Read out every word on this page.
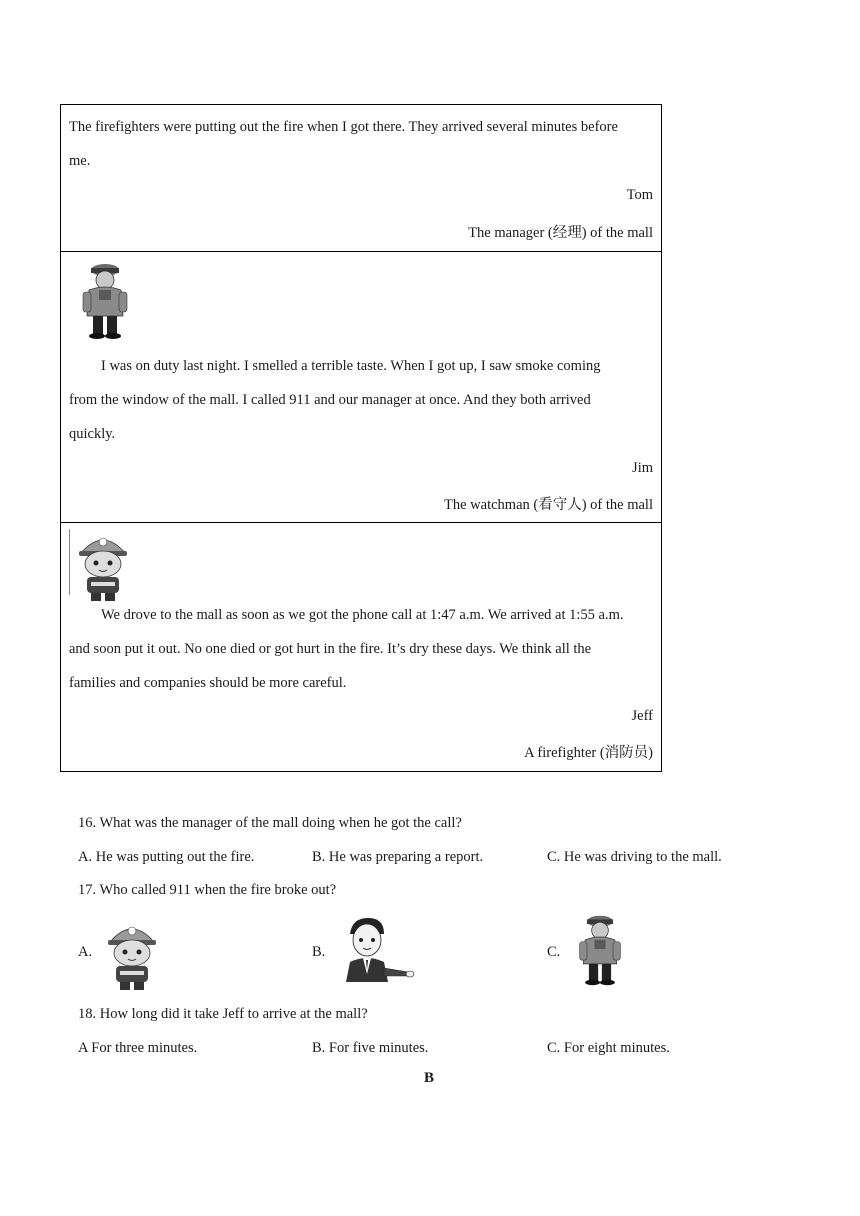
The firefighters were putting out the fire when I got there. They arrived several minutes before
me.
Tom
The manager (经理) of the mall
I was on duty last night. I smelled a terrible taste. When I got up, I saw smoke coming
from the window of the mall. I called 911 and our manager at once. And they both arrived
quickly.
Jim
The watchman (看守人) of the mall
We drove to the mall as soon as we got the phone call at 1:47 a.m. We arrived at 1:55 a.m.
and soon put it out. No one died or got hurt in the fire. It’s dry these days. We think all the
families and companies should be more careful.
Jeff
A firefighter (消防员)
16. What was the manager of the mall doing when he got the call?
A. He was putting out the fire.	B. He was preparing a report.	C. He was driving to the mall.
17. Who called 911 when the fire broke out?
A.	B.	C.
18. How long did it take Jeff to arrive at the mall?
A For three minutes.	B. For five minutes.	C. For eight minutes.
B
